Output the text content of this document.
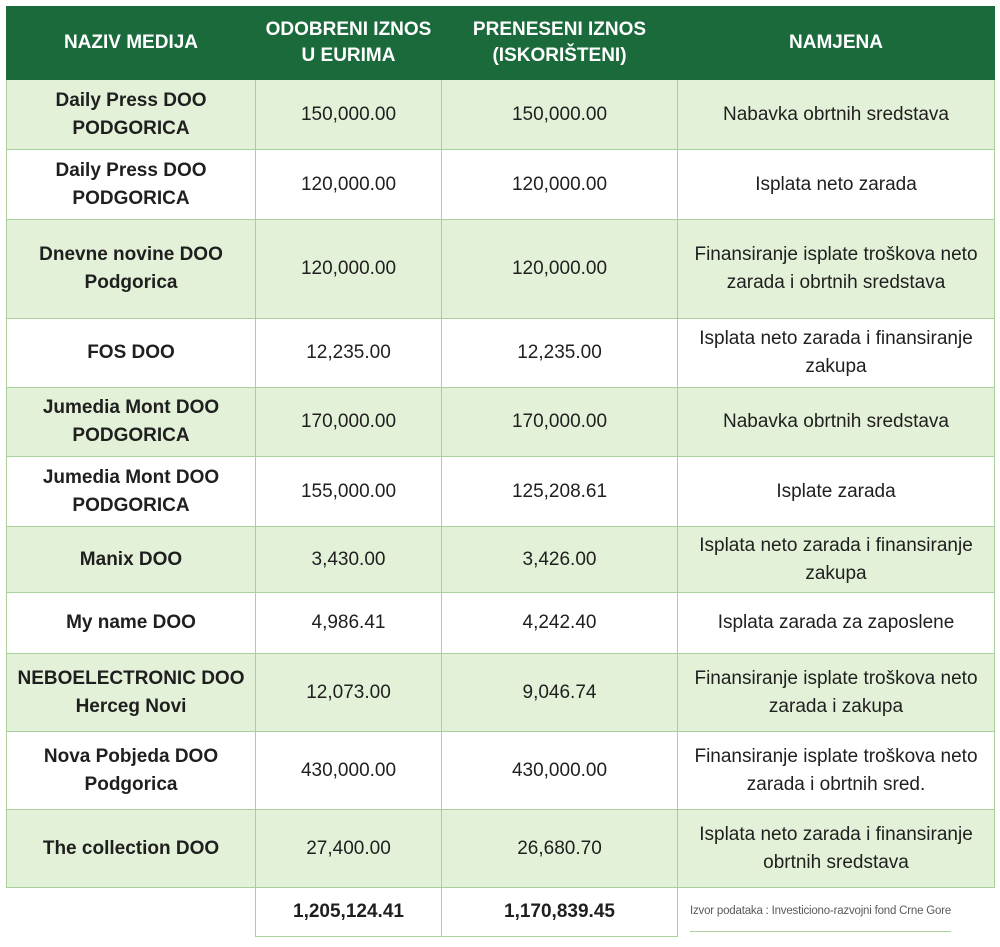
NAZIV MEDIJA	ODOBRENI IZNOS U EURIMA	PRENESENI IZNOS (ISKORIŠTENI)	NAMJENA
Daily Press DOO PODGORICA	150,000.00	150,000.00	Nabavka obrtnih sredstava
Daily Press DOO PODGORICA	120,000.00	120,000.00	Isplata neto zarada
Dnevne novine DOO Podgorica	120,000.00	120,000.00	Finansiranje isplate troškova neto zarada i obrtnih sredstava
FOS DOO	12,235.00	12,235.00	Isplata neto zarada i finansiranje zakupa
Jumedia Mont DOO PODGORICA	170,000.00	170,000.00	Nabavka obrtnih sredstava
Jumedia Mont DOO PODGORICA	155,000.00	125,208.61	Isplate zarada
Manix DOO	3,430.00	3,426.00	Isplata neto zarada i finansiranje zakupa
My name DOO	4,986.41	4,242.40	Isplata zarada za zaposlene
NEBOELECTRONIC DOO Herceg Novi	12,073.00	9,046.74	Finansiranje isplate troškova neto zarada i zakupa
Nova Pobjeda DOO Podgorica	430,000.00	430,000.00	Finansiranje isplate troškova neto zarada i obrtnih sred.
The collection DOO	27,400.00	26,680.70	Isplata neto zarada i finansiranje obrtnih sredstava
	1,205,124.41	1,170,839.45	Izvor podataka : Investiciono-razvojni fond Crne Gore
